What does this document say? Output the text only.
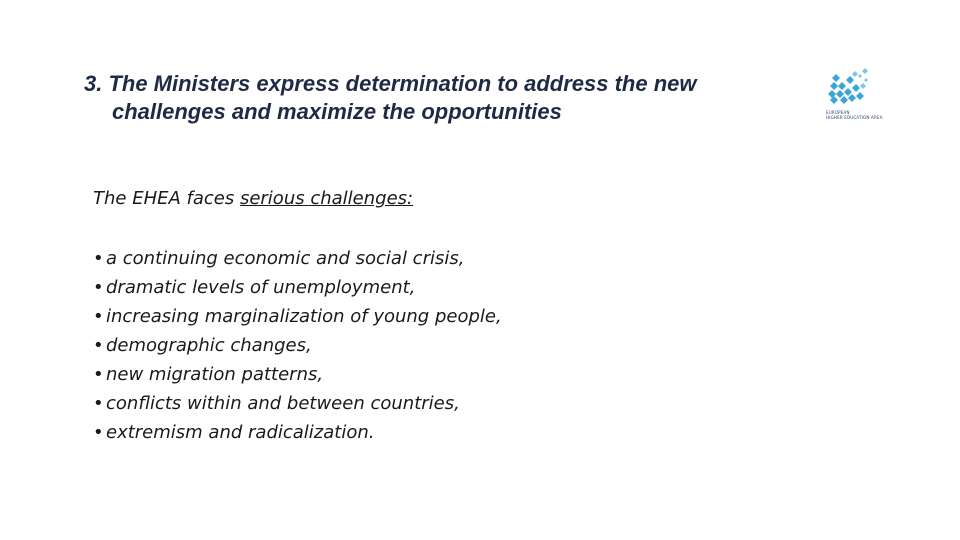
3. The Ministers express determination to address the new
challenges and maximize the opportunities	EUROPEAN
HIGHER EDUCATION AREA
The EHEA faces serious challenges:
• a continuing economic and social crisis,
• dramatic levels of unemployment,
• increasing marginalization of young people,
• demographic changes,
• new migration patterns,
• conflicts within and between countries,
• extremism and radicalization.
